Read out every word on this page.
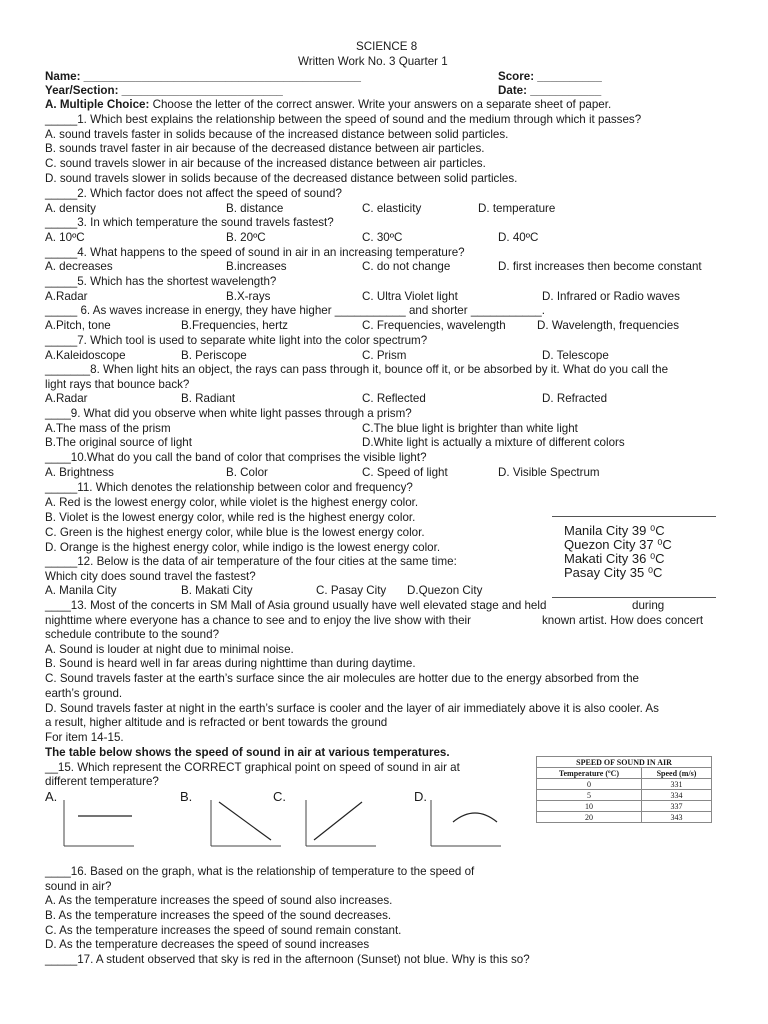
SCIENCE 8
Written Work No. 3 Quarter 1
Name: ___________________________________________	Score: __________
Year/Section: _________________________	Date: ___________
A. Multiple Choice: Choose the letter of the correct answer. Write your answers on a separate sheet of paper.
_____1. Which best explains the relationship between the speed of sound and the medium through which it passes?
A. sound travels faster in solids because of the increased distance between solid particles.
B. sounds travel faster in air because of the decreased distance between air particles.
C. sound travels slower in air because of the increased distance between air particles.
D. sound travels slower in solids because of the decreased distance between solid particles.
_____2. Which factor does not affect the speed of sound?
A. density	B. distance	C. elasticity	D. temperature
_____3. In which temperature the sound travels fastest?
A. 10ºC	B. 20ºC	C. 30ºC	D. 40ºC
_____4. What happens to the speed of sound in air in an increasing temperature?
A. decreases	B.increases	C. do not change	D. first increases then become constant
_____5. Which has the shortest wavelength?
A.Radar	B.X-rays	C. Ultra Violet light	D. Infrared or Radio waves
_____ 6. As waves increase in energy, they have higher ___________ and shorter ___________.
A.Pitch, tone	B.Frequencies, hertz	C. Frequencies, wavelength	D. Wavelength, frequencies
_____7. Which tool is used to separate white light into the color spectrum?
A.Kaleidoscope	B. Periscope	C. Prism	D. Telescope
_______8. When light hits an object, the rays can pass through it, bounce off it, or be absorbed by it. What do you call the
light rays that bounce back?
A.Radar	B. Radiant	C. Reflected	D. Refracted
____9. What did you observe when white light passes through a prism?
A.The mass of the prism	C.The blue light is brighter than white light
B.The original source of light	D.White light is actually a mixture of different colors
____10.What do you call the band of color that comprises the visible light?
A. Brightness	B. Color	C. Speed of light	D. Visible Spectrum
_____11. Which denotes the relationship between color and frequency?
A. Red is the lowest energy color, while violet is the highest energy color.
B. Violet is the lowest energy color, while red is the highest energy color.
C. Green is the highest energy color, while blue is the lowest energy color.
D. Orange is the highest energy color, while indigo is the lowest energy color.
Manila City 39 ⁰C
Quezon City 37 ⁰C
Makati City 36 ⁰C
Pasay City 35 ⁰C
_____12. Below is the data of air temperature of the four cities at the same time:
Which city does sound travel the fastest?
A. Manila City	B. Makati City	C. Pasay City D.Quezon City
____13. Most of the concerts in SM Mall of Asia ground usually have well elevated stage and held	during
nighttime where everyone has a chance to see and to enjoy the live show with their	known artist. How does concert
schedule contribute to the sound?
A. Sound is louder at night due to minimal noise.
B. Sound is heard well in far areas during nighttime than during daytime.
C. Sound travels faster at the earth’s surface since the air molecules are hotter due to the energy absorbed from the
earth’s ground.
D. Sound travels faster at night in the earth’s surface is cooler and the layer of air immediately above it is also cooler. As
a result, higher altitude and is refracted or bent towards the ground
For item 14-15.
The table below shows the speed of sound in air at various temperatures.
__15. Which represent the CORRECT graphical point on speed of sound in air at
different temperature?
SPEED OF SOUND IN AIR	
Temperature (ºC)	Speed (m/s)
0	331
5	334
10	337
20	343
A.	B.	C.	D.
____16. Based on the graph, what is the relationship of temperature to the speed of
sound in air?
A. As the temperature increases the speed of sound also increases.
B. As the temperature increases the speed of the sound decreases.
C. As the temperature increases the speed of sound remain constant.
D. As the temperature decreases the speed of sound increases
_____17. A student observed that sky is red in the afternoon (Sunset) not blue. Why is this so?
